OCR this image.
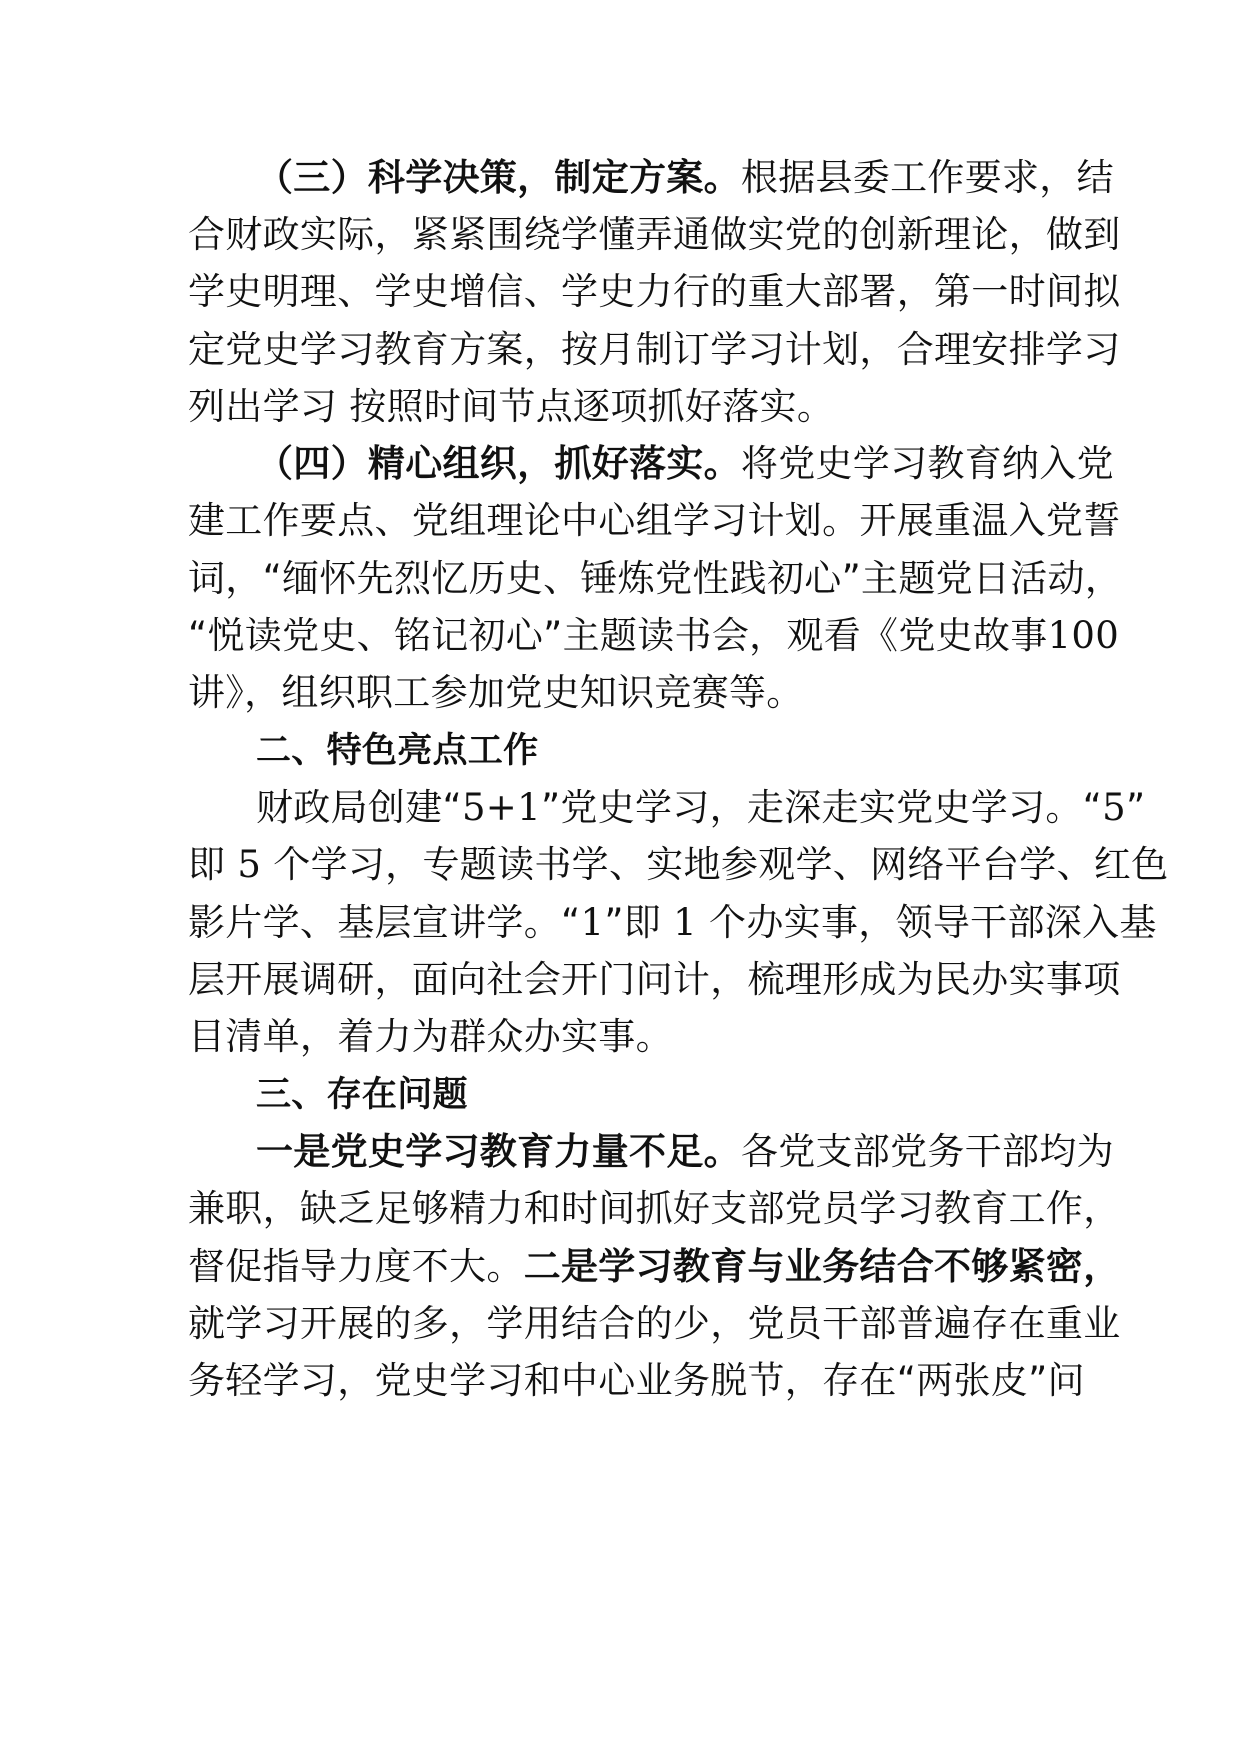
（三）科学决策，制定方案。根据县委工作要求，结
合财政实际，紧紧围绕学懂弄通做实党的创新理论，做到
学史明理、学史增信、学史力行的重大部署，第一时间拟
定党史学习教育方案，按月制订学习计划，合理安排学习
列出学习 按照时间节点逐项抓好落实。
（四）精心组织，抓好落实。将党史学习教育纳入党
建工作要点、党组理论中心组学习计划。开展重温入党誓
词，“缅怀先烈忆历史、锤炼党性践初心”主题党日活动，
“悦读党史、铭记初心”主题读书会，观看《党史故事100
讲》，组织职工参加党史知识竞赛等。
二、特色亮点工作
财政局创建“5+1”党史学习，走深走实党史学习。“5”
即 5 个学习，专题读书学、实地参观学、网络平台学、红色
影片学、基层宣讲学。“1”即 1 个办实事，领导干部深入基
层开展调研，面向社会开门问计，梳理形成为民办实事项
目清单，着力为群众办实事。
三、存在问题
一是党史学习教育力量不足。各党支部党务干部均为
兼职，缺乏足够精力和时间抓好支部党员学习教育工作，
督促指导力度不大。二是学习教育与业务结合不够紧密，
就学习开展的多，学用结合的少，党员干部普遍存在重业
务轻学习，党史学习和中心业务脱节，存在“两张皮”问
